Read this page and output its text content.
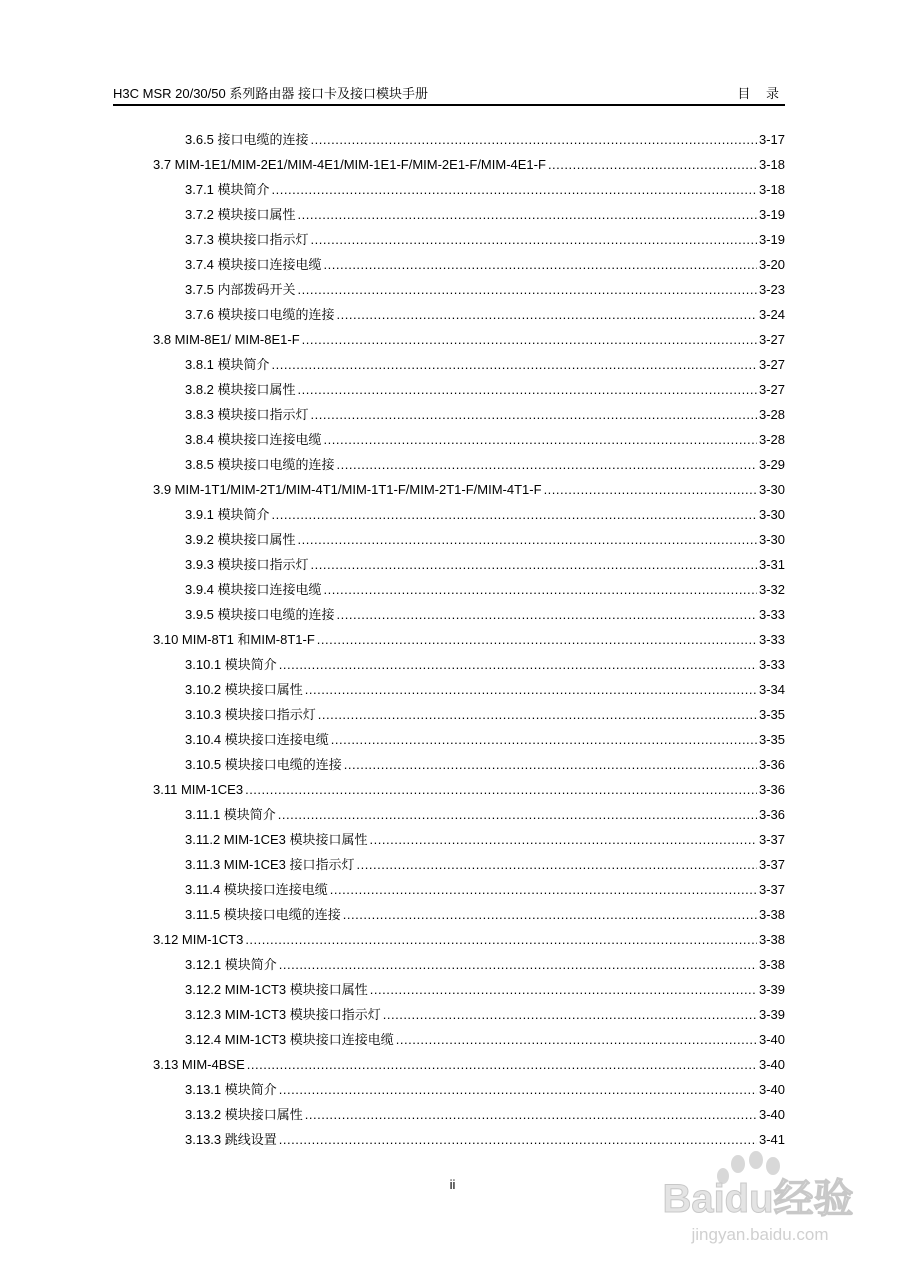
H3C MSR 20/30/50 系列路由器 接口卡及接口模块手册	目 录
3.6.5 接口电缆的连接 .....	3-17
3.7 MIM-1E1/MIM-2E1/MIM-4E1/MIM-1E1-F/MIM-2E1-F/MIM-4E1-F .....	3-18
3.7.1 模块简介 .....	3-18
3.7.2 模块接口属性 .....	3-19
3.7.3 模块接口指示灯 .....	3-19
3.7.4 模块接口连接电缆 .....	3-20
3.7.5 内部拨码开关 .....	3-23
3.7.6 模块接口电缆的连接 .....	3-24
3.8 MIM-8E1/ MIM-8E1-F .....	3-27
3.8.1 模块简介 .....	3-27
3.8.2 模块接口属性 .....	3-27
3.8.3 模块接口指示灯 .....	3-28
3.8.4 模块接口连接电缆 .....	3-28
3.8.5 模块接口电缆的连接 .....	3-29
3.9 MIM-1T1/MIM-2T1/MIM-4T1/MIM-1T1-F/MIM-2T1-F/MIM-4T1-F .....	3-30
3.9.1 模块简介 .....	3-30
3.9.2 模块接口属性 .....	3-30
3.9.3 模块接口指示灯 .....	3-31
3.9.4 模块接口连接电缆 .....	3-32
3.9.5 模块接口电缆的连接 .....	3-33
3.10 MIM-8T1 和MIM-8T1-F .....	3-33
3.10.1 模块简介 .....	3-33
3.10.2 模块接口属性 .....	3-34
3.10.3 模块接口指示灯 .....	3-35
3.10.4 模块接口连接电缆 .....	3-35
3.10.5 模块接口电缆的连接 .....	3-36
3.11 MIM-1CE3 .....	3-36
3.11.1 模块简介 .....	3-36
3.11.2 MIM-1CE3 模块接口属性 .....	3-37
3.11.3 MIM-1CE3 接口指示灯 .....	3-37
3.11.4 模块接口连接电缆 .....	3-37
3.11.5 模块接口电缆的连接 .....	3-38
3.12 MIM-1CT3 .....	3-38
3.12.1 模块简介 .....	3-38
3.12.2 MIM-1CT3 模块接口属性 .....	3-39
3.12.3 MIM-1CT3 模块接口指示灯 .....	3-39
3.12.4 MIM-1CT3 模块接口连接电缆 .....	3-40
3.13 MIM-4BSE .....	3-40
3.13.1 模块简介 .....	3-40
3.13.2 模块接口属性 .....	3-40
3.13.3 跳线设置 .....	3-41
ii	Baidu经验
jingyan.baidu.com
